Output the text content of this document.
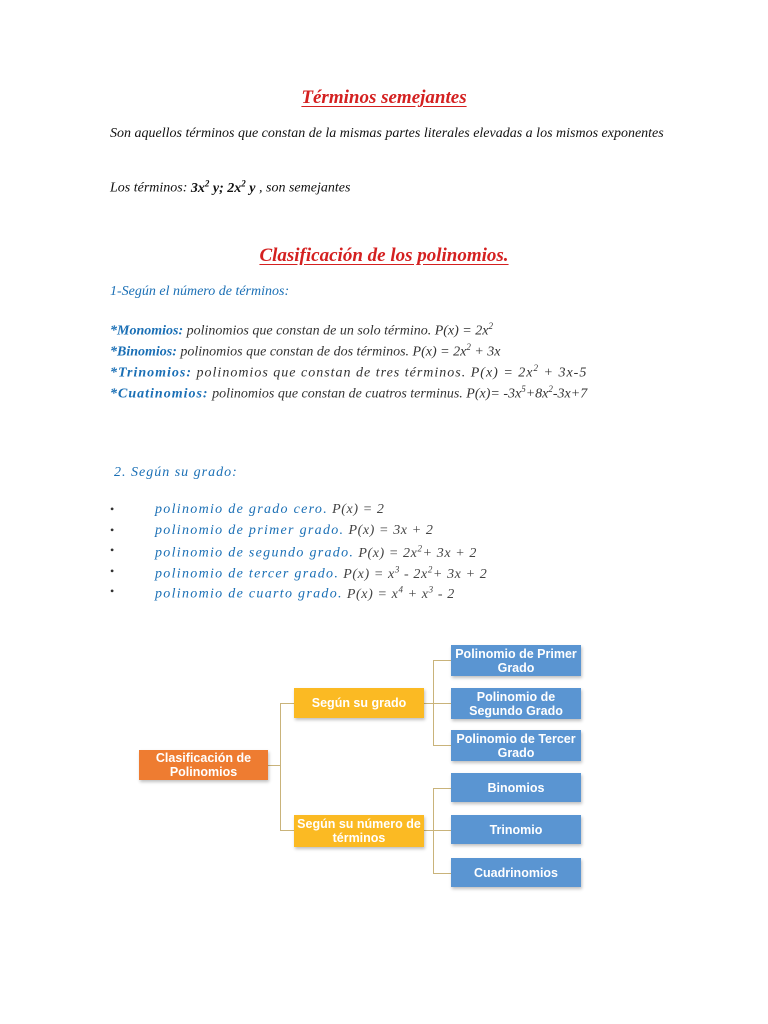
Términos semejantes
Son aquellos términos que constan de la mismas partes literales elevadas a los mismos exponentes
Los términos: $3x^2$ y; $2x^2$ y , son semejantes
Clasificación de los polinomios.
1-Según el número de términos:
*Monomios: polinomios que constan de un solo término. $P(x) = 2x^2$
*Binomios: polinomios que constan de dos términos. $P(x) = 2x^2 + 3x$
*Trinomios: polinomios que constan de tres términos. $P(x) = 2x^2 + 3x-5$
*Cuatinomios: polinomios que constan de cuatros terminus. $P(x)= -3x^5+8x^2-3x+7$
2. Según su grado:
•	polinomio de grado cero. P(x) = 2
•	polinomio de primer grado. P(x) = 3x + 2
•	polinomio de segundo grado. $P(x) = 2x^2+ 3x + 2$
•	polinomio de tercer grado. $P(x) = x^3 - 2x^2+ 3x + 2$
•	polinomio de cuarto grado. $P(x) = x^4 + x^3 - 2$
Clasificación de Polinomios
Según su grado
Según su número de términos
Polinomio de Primer Grado
Polinomio de Segundo Grado
Polinomio de Tercer Grado
Binomios
Trinomio
Cuadrinomios
